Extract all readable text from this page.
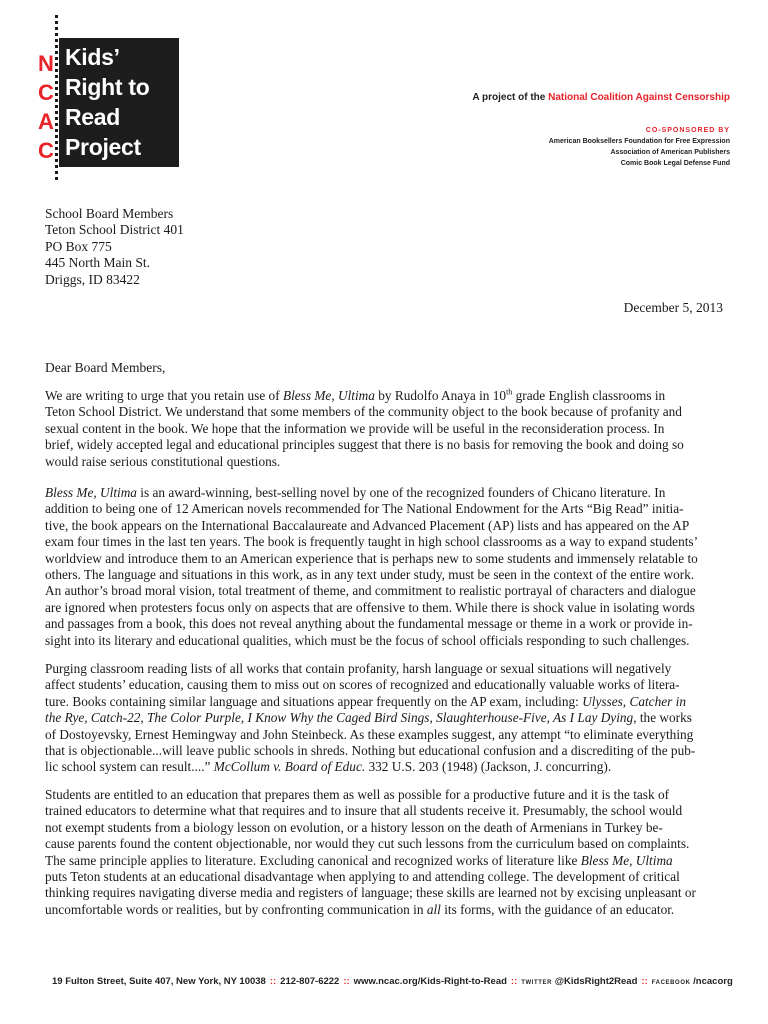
N
C
A
C
Kids’
Right to
Read
Project
A project of the National Coalition Against Censorship
CO-SPONSORED BY
American Booksellers Foundation for Free Expression
Association of American Publishers
Comic Book Legal Defense Fund
School Board Members
Teton School District 401
PO Box 775
445 North Main St.
Driggs, ID 83422
December 5, 2013
Dear Board Members,
We are writing to urge that you retain use of Bless Me, Ultima by Rudolfo Anaya in 10th grade English classrooms in
Teton School District. We understand that some members of the community object to the book because of profanity and
sexual content in the book. We hope that the information we provide will be useful in the reconsideration process. In
brief, widely accepted legal and educational principles suggest that there is no basis for removing the book and doing so
would raise serious constitutional questions.
Bless Me, Ultima is an award-winning, best-selling novel by one of the recognized founders of Chicano literature. In
addition to being one of 12 American novels recommended for The National Endowment for the Arts “Big Read” initia-
tive, the book appears on the International Baccalaureate and Advanced Placement (AP) lists and has appeared on the AP
exam four times in the last ten years. The book is frequently taught in high school classrooms as a way to expand students’
worldview and introduce them to an American experience that is perhaps new to some students and immensely relatable to
others. The language and situations in this work, as in any text under study, must be seen in the context of the entire work.
An author’s broad moral vision, total treatment of theme, and commitment to realistic portrayal of characters and dialogue
are ignored when protesters focus only on aspects that are offensive to them. While there is shock value in isolating words
and passages from a book, this does not reveal anything about the fundamental message or theme in a work or provide in-
sight into its literary and educational qualities, which must be the focus of school officials responding to such challenges.
Purging classroom reading lists of all works that contain profanity, harsh language or sexual situations will negatively
affect students’ education, causing them to miss out on scores of recognized and educationally valuable works of litera-
ture. Books containing similar language and situations appear frequently on the AP exam, including: Ulysses, Catcher in
the Rye, Catch-22, The Color Purple, I Know Why the Caged Bird Sings, Slaughterhouse-Five, As I Lay Dying, the works
of Dostoyevsky, Ernest Hemingway and John Steinbeck. As these examples suggest, any attempt “to eliminate everything
that is objectionable...will leave public schools in shreds. Nothing but educational confusion and a discrediting of the pub-
lic school system can result....” McCollum v. Board of Educ. 332 U.S. 203 (1948) (Jackson, J. concurring).
Students are entitled to an education that prepares them as well as possible for a productive future and it is the task of
trained educators to determine what that requires and to insure that all students receive it. Presumably, the school would
not exempt students from a biology lesson on evolution, or a history lesson on the death of Armenians in Turkey be-
cause parents found the content objectionable, nor would they cut such lessons from the curriculum based on complaints.
The same principle applies to literature. Excluding canonical and recognized works of literature like Bless Me, Ultima
puts Teton students at an educational disadvantage when applying to and attending college. The development of critical
thinking requires navigating diverse media and registers of language; these skills are learned not by excising unpleasant or
uncomfortable words or realities, but by confronting communication in all its forms, with the guidance of an educator.
19 Fulton Street, Suite 407, New York, NY 10038 :: 212-807-6222 :: www.ncac.org/Kids-Right-to-Read :: TWITTER @KidsRight2Read :: FACEBOOK /ncacorg
